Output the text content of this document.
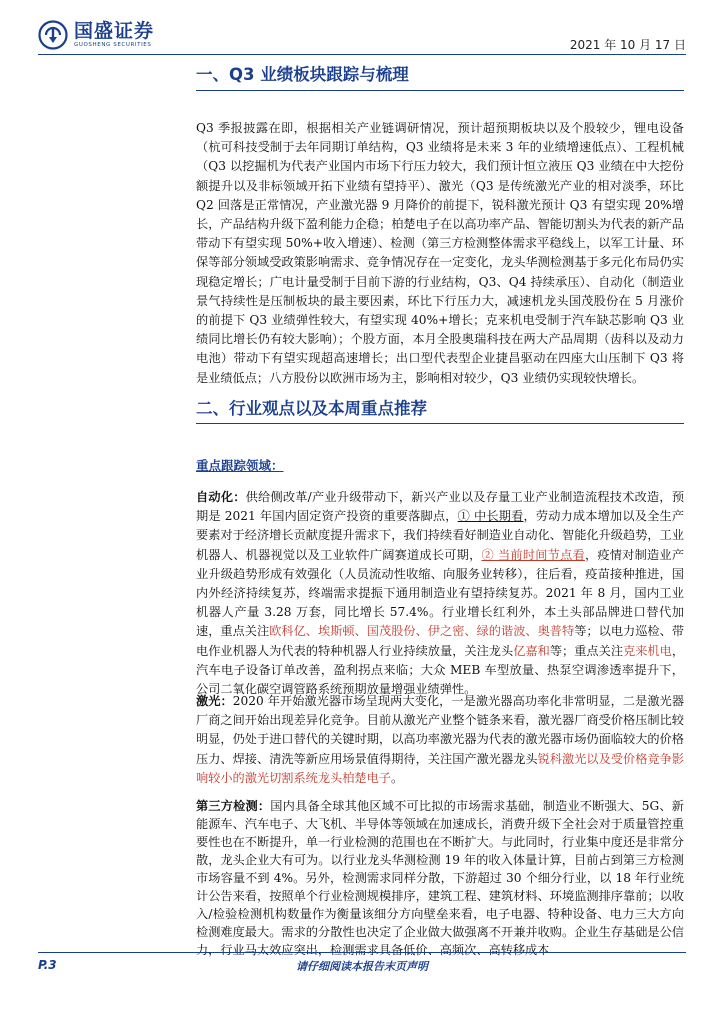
国盛证券
GUOSHENG SECURITIES	2021 年 10 月 17 日
一、Q3 业绩板块跟踪与梳理
Q3 季报披露在即，根据相关产业链调研情况，预计超预期板块以及个股较少，锂电设备（杭可科技受制于去年同期订单结构，Q3 业绩将是未来 3 年的业绩增速低点）、工程机械（Q3 以挖掘机为代表产业国内市场下行压力较大，我们预计恒立液压 Q3 业绩在中大挖份额提升以及非标领域开拓下业绩有望持平）、激光（Q3 是传统激光产业的相对淡季，环比 Q2 回落是正常情况，产业激光器 9 月降价的前提下，锐科激光预计 Q3 有望实现 20%增长，产品结构升级下盈利能力企稳；柏楚电子在以高功率产品、智能切割头为代表的新产品带动下有望实现 50%+收入增速）、检测（第三方检测整体需求平稳线上，以军工计量、环保等部分领域受政策影响需求、竞争情况存在一定变化，龙头华测检测基于多元化布局仍实现稳定增长；广电计量受制于目前下游的行业结构，Q3、Q4 持续承压）、自动化（制造业景气持续性是压制板块的最主要因素，环比下行压力大，减速机龙头国茂股份在 5 月涨价的前提下 Q3 业绩弹性较大，有望实现 40%+增长；克来机电受制于汽车缺芯影响 Q3 业绩同比增长仍有较大影响）；个股方面，本月全股奥瑞科技在两大产品周期（齿科以及动力电池）带动下有望实现超高速增长；出口型代表型企业捷昌驱动在四座大山压制下 Q3 将是业绩低点；八方股份以欧洲市场为主，影响相对较少，Q3 业绩仍实现较快增长。
二、行业观点以及本周重点推荐
重点跟踪领域：
自动化：供给侧改革/产业升级带动下，新兴产业以及存量工业产业制造流程技术改造，预期是 2021 年国内固定资产投资的重要落脚点，① 中长期看，劳动力成本增加以及全生产要素对于经济增长贡献度提升需求下，我们持续看好制造业自动化、智能化升级趋势，工业机器人、机器视觉以及工业软件广阔赛道成长可期，② 当前时间节点看，疫情对制造业产业升级趋势形成有效强化（人员流动性收缩、向服务业转移），往后看，疫苗接种推进，国内外经济持续复苏，终端需求提振下通用制造业有望持续复苏。2021 年 8 月，国内工业机器人产量 3.28 万套，同比增长 57.4%。行业增长红利外，本土头部品牌进口替代加速，重点关注欧科亿、埃斯顿、国茂股份、伊之密、绿的谐波、奥普特等；以电力巡检、带电作业机器人为代表的特种机器人行业持续放量，关注龙头亿嘉和等；重点关注克来机电，汽车电子设备订单改善，盈利拐点来临；大众 MEB 车型放量、热泵空调渗透率提升下，公司二氧化碳空调管路系统预期放量增强业绩弹性。
激光：2020 年开始激光器市场呈现两大变化，一是激光器高功率化非常明显，二是激光器厂商之间开始出现差异化竞争。目前从激光产业整个链条来看，激光器厂商受价格压制比较明显，仍处于进口替代的关键时期，以高功率激光器为代表的激光器市场仍面临较大的价格压力、焊接、清洗等新应用场景值得期待，关注国产激光器龙头锐科激光以及受价格竞争影响较小的激光切割系统龙头柏楚电子。
第三方检测：国内具备全球其他区域不可比拟的市场需求基础，制造业不断强大、5G、新能源车、汽车电子、大飞机、半导体等领域在加速成长，消费升级下全社会对于质量管控重要性也在不断提升，单一行业检测的范围也在不断扩大。与此同时，行业集中度还是非常分散，龙头企业大有可为。以行业龙头华测检测 19 年的收入体量计算，目前占到第三方检测市场容量不到 4%。另外，检测需求同样分散，下游超过 30 个细分行业，以 18 年行业统计公告来看，按照单个行业检测规模排序，建筑工程、建筑材料、环境监测排序靠前；以收入/检验检测机构数量作为衡量该细分方向壁垒来看，电子电器、特种设备、电力三大方向检测难度最大。需求的分散性也决定了企业做大做强离不开兼并收购。企业生存基础是公信力，行业马太效应突出，检测需求具备低价、高频次、高转移成本
P.3	请仔细阅读本报告末页声明
